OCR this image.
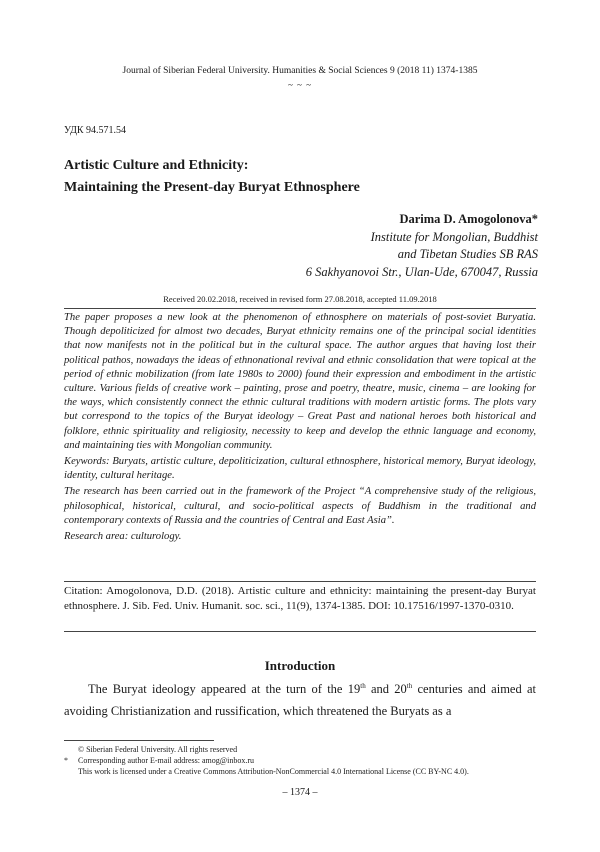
Journal of Siberian Federal University. Humanities & Social Sciences 9 (2018 11) 1374-1385
~ ~ ~
УДК 94.571.54
Artistic Culture and Ethnicity:
Maintaining the Present-day Buryat Ethnosphere
Darima D. Amogolonova*
Institute for Mongolian, Buddhist
and Tibetan Studies SB RAS
6 Sakhyanovoi Str., Ulan-Ude, 670047, Russia
Received 20.02.2018, received in revised form 27.08.2018, accepted 11.09.2018

The paper proposes a new look at the phenomenon of ethnosphere on materials of post-soviet Buryatia. Though depoliticized for almost two decades, Buryat ethnicity remains one of the principal social identities that now manifests not in the political but in the cultural space. The author argues that having lost their political pathos, nowadays the ideas of ethnonational revival and ethnic consolidation that were topical at the period of ethnic mobilization (from late 1980s to 2000) found their expression and embodiment in the artistic culture. Various fields of creative work – painting, prose and poetry, theatre, music, cinema – are looking for the ways, which consistently connect the ethnic cultural traditions with modern artistic forms. The plots vary but correspond to the topics of the Buryat ideology – Great Past and national heroes both historical and folklore, ethnic spirituality and religiosity, necessity to keep and develop the ethnic language and economy, and maintaining ties with Mongolian community.

Keywords: Buryats, artistic culture, depoliticization, cultural ethnosphere, historical memory, Buryat ideology, identity, cultural heritage.

The research has been carried out in the framework of the Project “A comprehensive study of the religious, philosophical, historical, cultural, and socio-political aspects of Buddhism in the traditional and contemporary contexts of Russia and the countries of Central and East Asia”.

Research area: culturology.

Citation: Amogolonova, D.D. (2018). Artistic culture and ethnicity: maintaining the present-day Buryat ethnosphere. J. Sib. Fed. Univ. Humanit. soc. sci., 11(9), 1374-1385. DOI: 10.17516/1997-1370-0310.
Introduction

The Buryat ideology appeared at the turn of the 19th and 20th centuries and aimed at avoiding Christianization and russification, which threatened the Buryats as a

© Siberian Federal University. All rights reserved
*	Corresponding author E-mail address: amog@inbox.ru
This work is licensed under a Creative Commons Attribution-NonCommercial 4.0 International License (CC BY-NC 4.0).
– 1374 –
